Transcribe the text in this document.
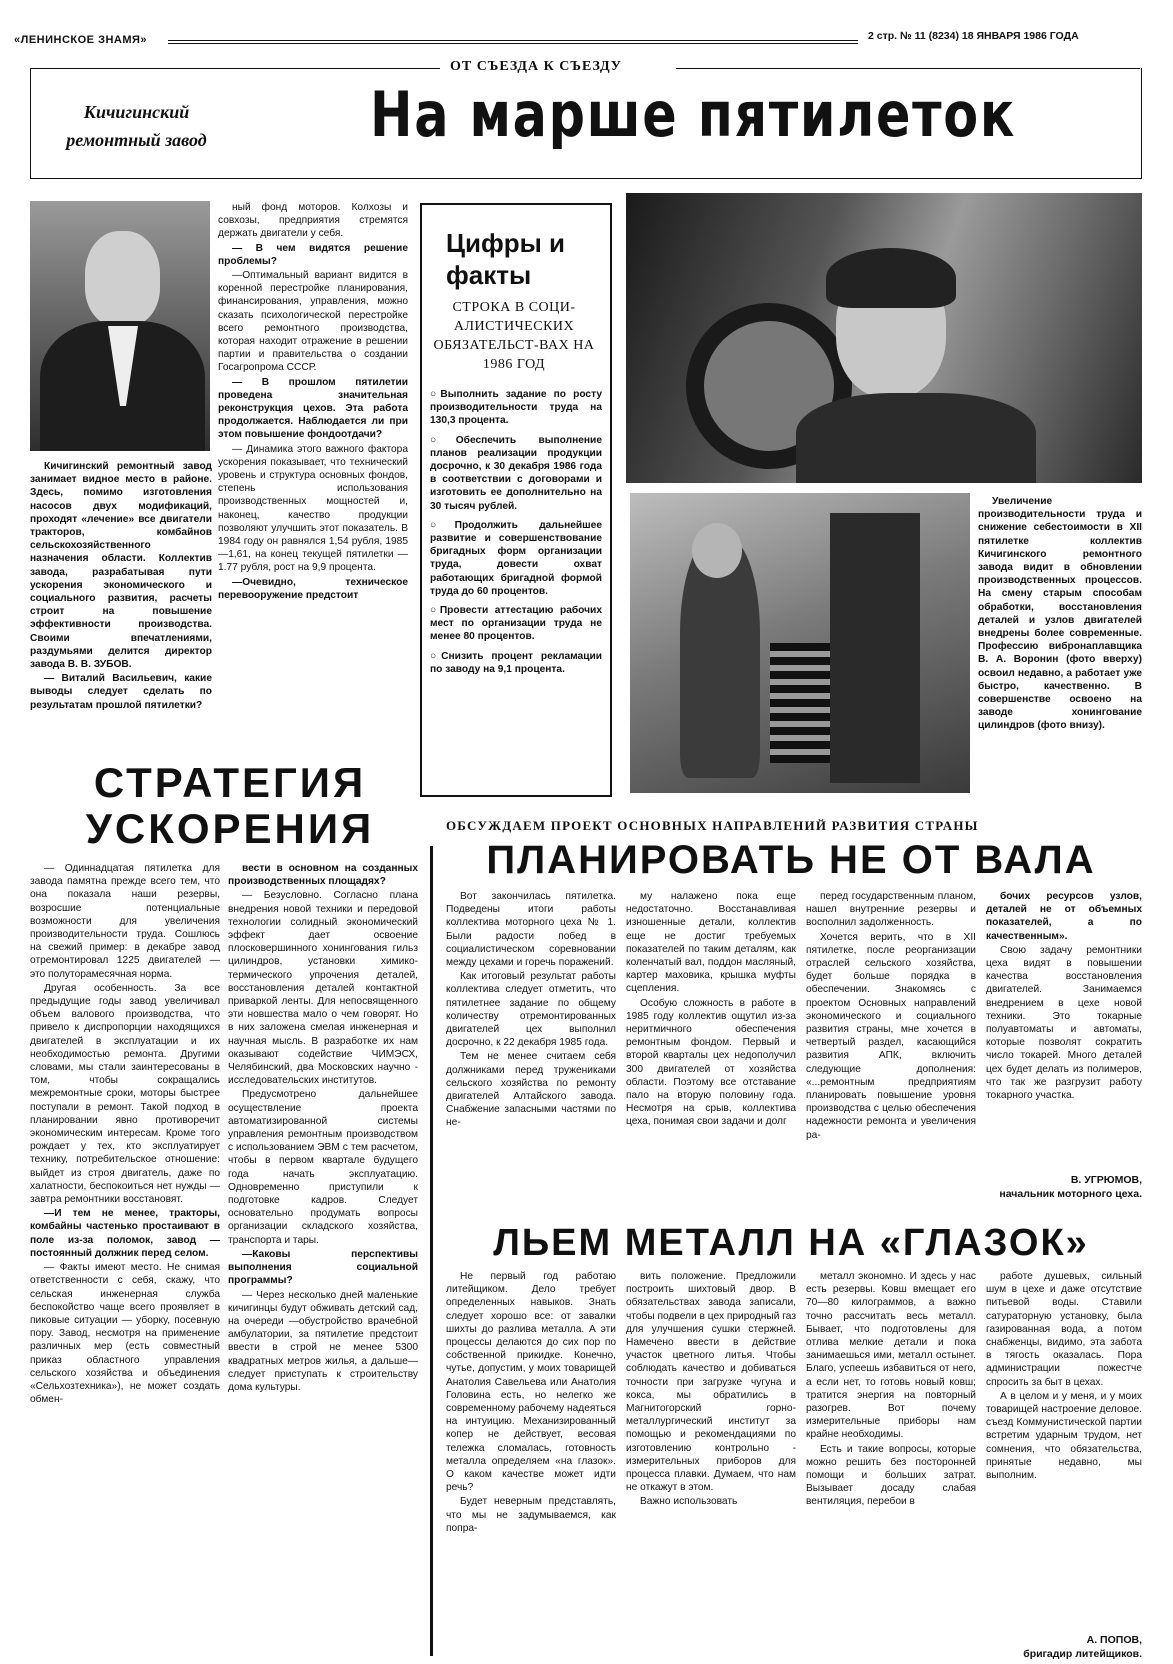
«ЛЕНИНСКОЕ ЗНАМЯ»	2 стр. № 11 (8234) 18 ЯНВАРЯ 1986 ГОДА
ОТ СЪЕЗДА К СЪЕЗДУ
Кичигинский ремонтный завод	На марше пятилеток

Кичигинский ремонтный завод занимает видное место в районе. Здесь, помимо изготовления насосов двух модификаций, проходят «лечение» все двигатели тракторов, комбайнов сельскохозяйственного назначения области. Коллектив завода, разрабатывая пути ускорения экономического и социального развития, расчеты строит на повышение эффективности производства. Своими впечатлениями, раздумьями делится директор завода В. В. ЗУБОВ.

— Виталий Васильевич, какие выводы следует сделать по результатам прошлой пятилетки?

ный фонд моторов. Колхозы и совхозы, предприятия стремятся держать двигатели у себя.

— В чем видятся решение проблемы?

—Оптимальный вариант видится в коренной перестройке планирования, финансирования, управления, можно сказать психологической перестройке всего ремонтного производства, которая находит отражение в решении партии и правительства о создании Госагропрома СССР.

— В прошлом пятилетии проведена значительная реконструкция цехов. Эта работа продолжается. Наблюдается ли при этом повышение фондоотдачи?

— Динамика этого важного фактора ускорения показывает, что технический уровень и структура основных фондов, степень использования производственных мощностей и, наконец, качество продукции позволяют улучшить этот показатель. В 1984 году он равнялся 1,54 рубля, 1985 —1,61, на конец текущей пятилетки — 1.77 рубля, рост на 9,9 процента.

—Очевидно, техническое перевооружение предстоит

Цифры и факты
СТРОКА В СОЦИ-АЛИСТИЧЕСКИХ ОБЯЗАТЕЛЬСТ-ВАХ НА 1986 ГОД

○Выполнить задание по росту производительности труда на 130,3 процента.

○Обеспечить выполнение планов реализации продукции досрочно, к 30 декабря 1986 года в соответствии с договорами и изготовить ее дополнительно на 30 тысяч рублей.

○Продолжить дальнейшее развитие и совершенствование бригадных форм организации труда, довести охват работающих бригадной формой труда до 60 процентов.

○Провести аттестацию рабочих мест по организации труда не менее 80 процентов.

○Снизить процент рекламации по заводу на 9,1 процента.

Увеличение производительности труда и снижение себестоимости в XII пятилетке коллектив Кичигинского ремонтного завода видит в обновлении производственных процессов. На смену старым способам обработки, восстановления деталей и узлов двигателей внедрены более современные. Профессию вибронаплавщика В. А. Воронин (фото вверху) освоил недавно, а работает уже быстро, качественно. В совершенстве освоено на заводе хонингование цилиндров (фото внизу).

СТРАТЕГИЯ УСКОРЕНИЯ

— Одиннадцатая пятилетка для завода памятна прежде всего тем, что она показала наши резервы, возросшие потенциальные возможности для увеличения производительности труда. Сошлюсь на свежий пример: в декабре завод отремонтировал 1225 двигателей — это полуторамесячная норма.

Другая особенность. За все предыдущие годы завод увеличивал объем валового производства, что привело к диспропорции находящихся двигателей в эксплуатации и их необходимостью ремонта. Другими словами, мы стали заинтересованы в том, чтобы сокращались межремонтные сроки, моторы быстрее поступали в ремонт. Такой подход в планировании явно противоречит экономическим интересам. Кроме того рождает у тех, кто эксплуатирует технику, потребительское отношение: выйдет из строя двигатель, даже по халатности, беспокоиться нет нужды — завтра ремонтники восстановят.

—И тем не менее, тракторы, комбайны частенько простаивают в поле из-за поломок, завод —постоянный должник перед селом.

— Факты имеют место. Не снимая ответственности с себя, скажу, что сельская инженерная служба беспокойство чаще всего проявляет в пиковые ситуации — уборку, посевную пору. Завод, несмотря на применение различных мер (есть совместный приказ областного управления сельского хозяйства и объединения «Сельхозтехника»), не может создать обмен-

вести в основном на созданных производственных площадях?

— Безусловно. Согласно плана внедрения новой техники и передовой технологии солидный экономический эффект дает освоение плосковершинного хонингования гильз цилиндров, установки химико-термического упрочения деталей, восстановления деталей контактной приваркой ленты. Для непосвященного эти новшества мало о чем говорят. Но в них заложена смелая инженерная и научная мысль. В разработке их нам оказывают содействие ЧИМЭСХ, Челябинский, два Московских научно - исследовательских институтов.

Предусмотрено дальнейшее осуществление проекта автоматизированной системы управления ремонтным производством с использованием ЭВМ с тем расчетом, чтобы в первом квартале будущего года начать эксплуатацию. Одновременно приступили к подготовке кадров. Следует основательно продумать вопросы организации складского хозяйства, транспорта и тары.

—Каковы перспективы выполнения социальной программы?

— Через несколько дней маленькие кичигинцы будут обживать детский сад, на очереди —обустройство врачебной амбулатории, за пятилетие предстоит ввести в строй не менее 5300 квадратных метров жилья, а дальше—следует приступать к строительству дома культуры.

ОБСУЖДАЕМ ПРОЕКТ ОСНОВНЫХ НАПРАВЛЕНИЙ РАЗВИТИЯ СТРАНЫ
ПЛАНИРОВАТЬ НЕ ОТ ВАЛА

Вот закончилась пятилетка. Подведены итоги работы коллектива моторного цеха № 1. Были радости побед в социалистическом соревновании между цехами и горечь поражений.

Как итоговый результат работы коллектива следует отметить, что пятилетнее задание по общему количеству отремонтированных двигателей цех выполнил досрочно, к 22 декабря 1985 года.

Тем не менее считаем себя должниками перед тружениками сельского хозяйства по ремонту двигателей Алтайского завода. Снабжение запасными частями по не-

му налажено пока еще недостаточно. Восстанавливая изношенные детали, коллектив еще не достиг требуемых показателей по таким деталям, как коленчатый вал, поддон масляный, картер маховика, крышка муфты сцепления.

Особую сложность в работе в 1985 году коллектив ощутил из-за неритмичного обеспечения ремонтным фондом. Первый и второй кварталы цех недополучил 300 двигателей от хозяйства области. Поэтому все отставание пало на вторую половину года. Несмотря на срыв, коллектива цеха, понимая свои задачи и долг

перед государственным планом, нашел внутренние резервы и восполнил задолженность.

Хочется верить, что в XII пятилетке, после реорганизации отраслей сельского хозяйства, будет больше порядка в обеспечении. Знакомясь с проектом Основных направлений экономического и социального развития страны, мне хочется в четвертый раздел, касающийся развития АПК, включить следующие дополнения: «...ремонтным предприятиям планировать повышение уровня производства с целью обеспечения надежности ремонта и увеличения ра-

бочих ресурсов узлов, деталей не от объемных показателей, а по качественным».

Свою задачу ремонтники цеха видят в повышении качества восстановления двигателей. Занимаемся внедрением в цехе новой техники. Это токарные полуавтоматы и автоматы, которые позволят сократить число токарей. Много деталей цех будет делать из полимеров, что так же разгрузит работу токарного участка.

В. УГРЮМОВ,
начальник моторного цеха.
ЛЬЕМ МЕТАЛЛ НА «ГЛАЗОК»

Не первый год работаю литейщиком. Дело требует определенных навыков. Знать следует хорошо все: от завалки шихты до разлива металла. А эти процессы делаются до сих пор по собственной прикидке. Конечно, чутье, допустим, у моих товарищей Анатолия Савельева или Анатолия Головина есть, но нелегко же современному рабочему надеяться на интуицию. Механизированный копер не действует, весовая тележка сломалась, готовность металла определяем «на глазок». О каком качестве может идти речь?

Будет неверным представлять, что мы не задумываемся, как попра-

вить положение. Предложили построить шихтовый двор. В обязательствах завода записали, чтобы подвели в цех природный газ для улучшения сушки стержней. Намечено ввести в действие участок цветного литья. Чтобы соблюдать качество и добиваться точности при загрузке чугуна и кокса, мы обратились в Магнитогорский горно-металлургический институт за помощью и рекомендациями по изготовлению контрольно - измерительных приборов для процесса плавки. Думаем, что нам не откажут в этом.

Важно использовать

металл экономно. И здесь у нас есть резервы. Ковш вмещает его 70—80 килограммов, а важно точно рассчитать весь металл. Бывает, что подготовлены для отлива мелкие детали и пока занимаешься ими, металл остынет. Благо, успеешь избавиться от него, а если нет, то готовь новый ковш; тратится энергия на повторный разогрев. Вот почему измерительные приборы нам крайне необходимы.

Есть и такие вопросы, которые можно решить без посторонней помощи и больших затрат. Вызывает досаду слабая вентиляция, перебои в

работе душевых, сильный шум в цехе и даже отсутствие питьевой воды. Ставили сатураторную установку, была газированная вода, а потом снабженцы, видимо, эта забота в тягость оказалась. Пора администрации пожестче спросить за быт в цехах.

А в целом и у меня, и у моих товарищей настроение деловое. съезд Коммунистической партии встретим ударным трудом, нет сомнения, что обязательства, принятые недавно, мы выполним.

А. ПОПОВ,
бригадир литейщиков.
